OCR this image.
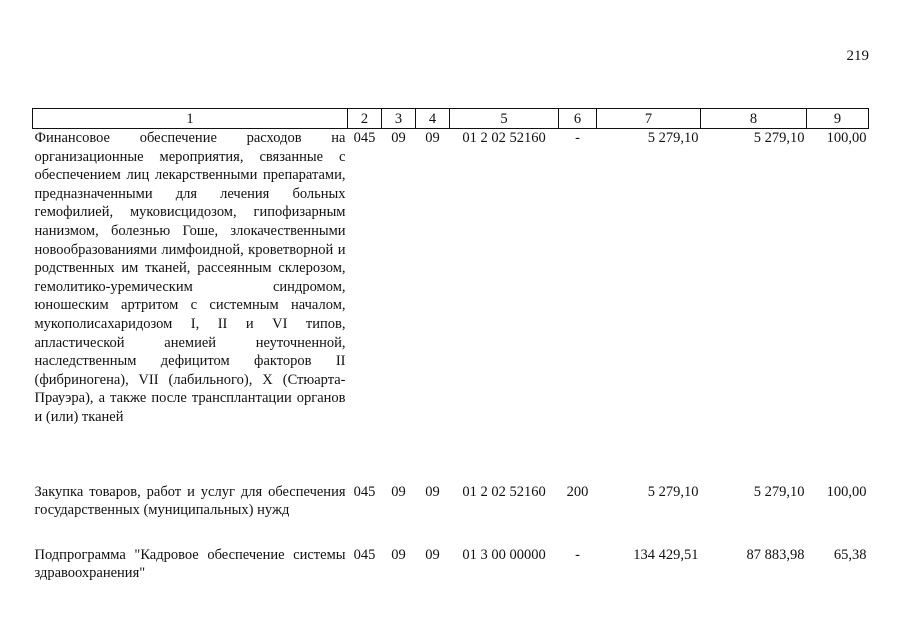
219
1	2	3	4	5	6	7	8	9
Финансовое обеспечение расходов на организационные мероприятия, связанные с обеспечением лиц лекарственными препаратами, предназначенными для лечения больных гемофилией, муковисцидозом, гипофизарным нанизмом, болезнью Гоше, злокачественными новообразованиями лимфоидной, кроветворной и родственных им тканей, рассеянным склерозом, гемолитико-уремическим синдромом, юношеским артритом с системным началом, мукополисахаридозом I, II и VI типов, апластической анемией неуточненной, наследственным дефицитом факторов II (фибриногена), VII (лабильного), X (Стюарта-Прауэра), а также после трансплантации органов и (или) тканей	045	09	09	01 2 02 52160	-	5 279,10	5 279,10	100,00
Закупка товаров, работ и услуг для обеспечения государственных (муниципальных) нужд	045	09	09	01 2 02 52160	200	5 279,10	5 279,10	100,00
Подпрограмма "Кадровое обеспечение системы здравоохранения"	045	09	09	01 3 00 00000	-	134 429,51	87 883,98	65,38
